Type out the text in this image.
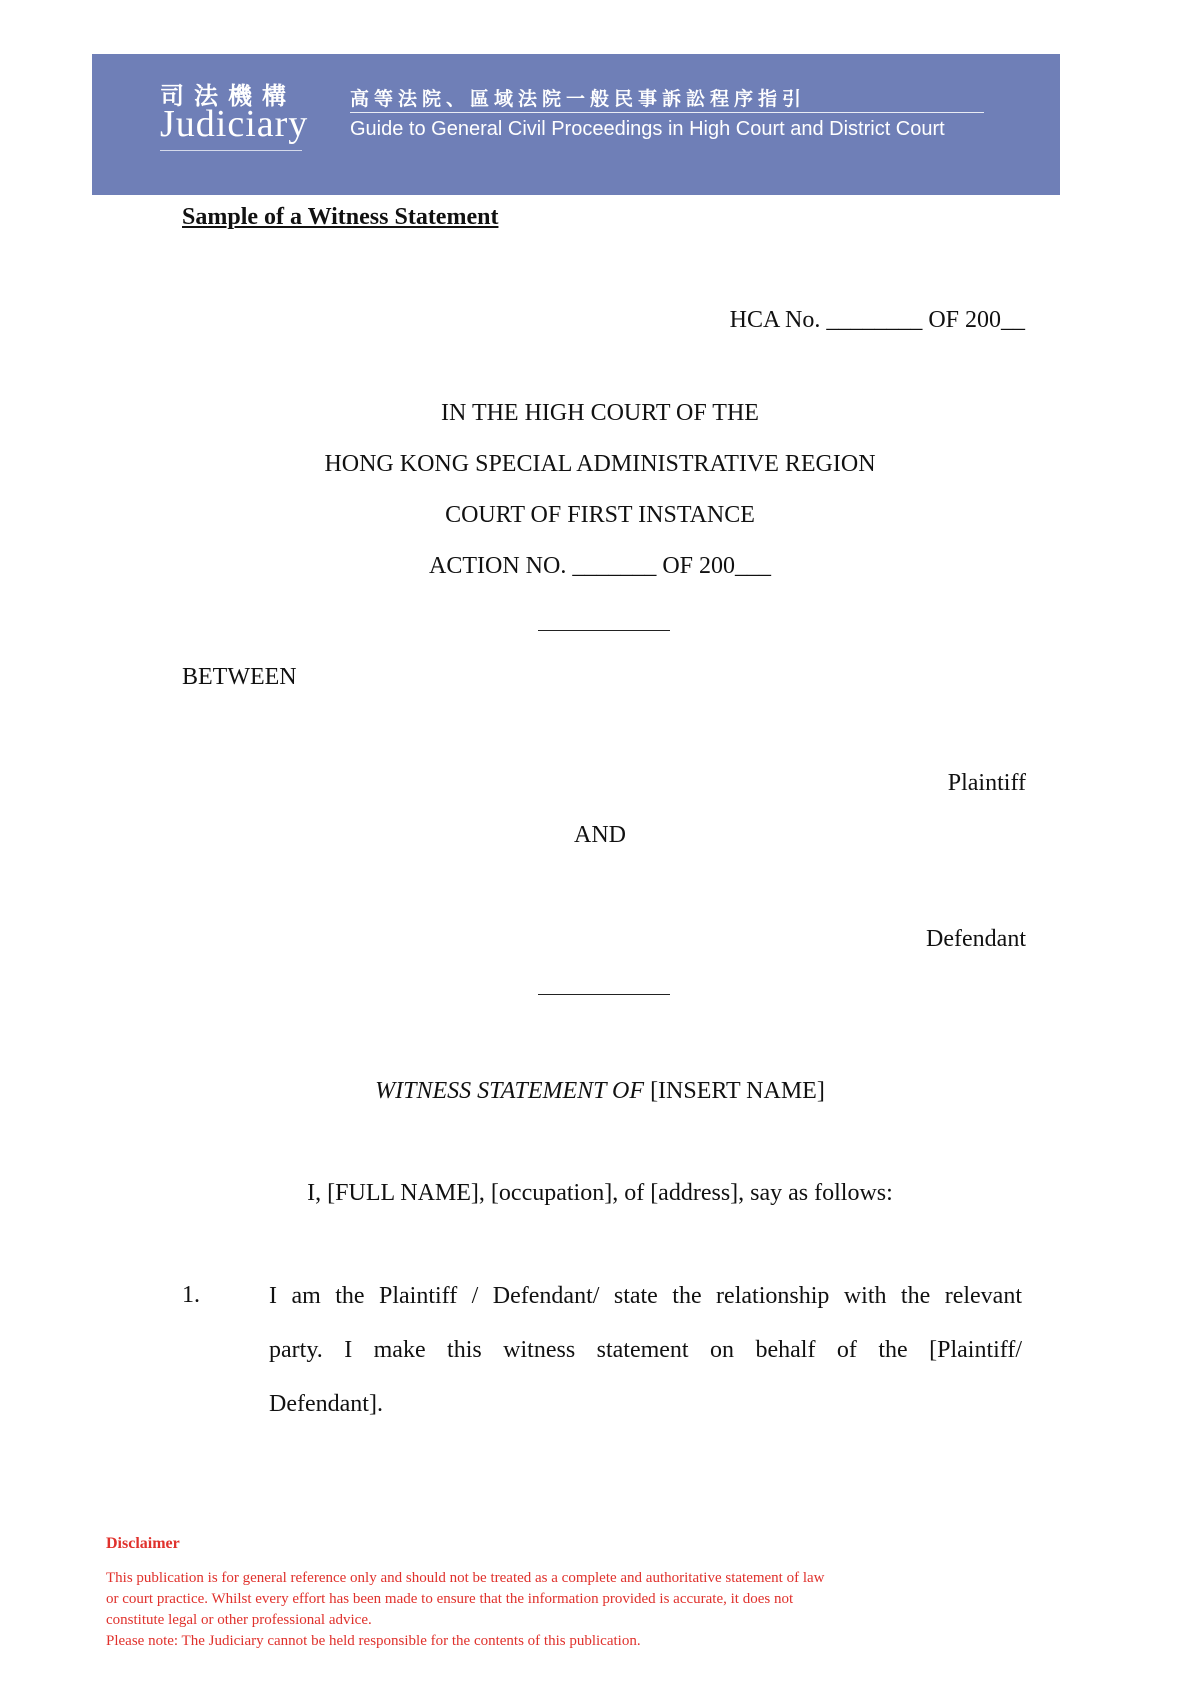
司法機構
Judiciary
高等法院、區域法院一般民事訴訟程序指引
Guide to General Civil Proceedings in High Court and District Court
Sample of a Witness Statement
HCA No. ________ OF 200__
IN THE HIGH COURT OF THE
HONG KONG SPECIAL ADMINISTRATIVE REGION
COURT OF FIRST INSTANCE
ACTION NO. _______ OF 200___
BETWEEN
Plaintiff
AND
Defendant
WITNESS STATEMENT OF [INSERT NAME]
I, [FULL NAME], [occupation], of [address], say as follows:
1.	I am the Plaintiff / Defendant/ state the relationship with the relevant
party. I make this witness statement on behalf of the [Plaintiff/
Defendant].
Disclaimer
This publication is for general reference only and should not be treated as a complete and authoritative statement of law
or court practice. Whilst every effort has been made to ensure that the information provided is accurate, it does not
constitute legal or other professional advice.
Please note: The Judiciary cannot be held responsible for the contents of this publication.
